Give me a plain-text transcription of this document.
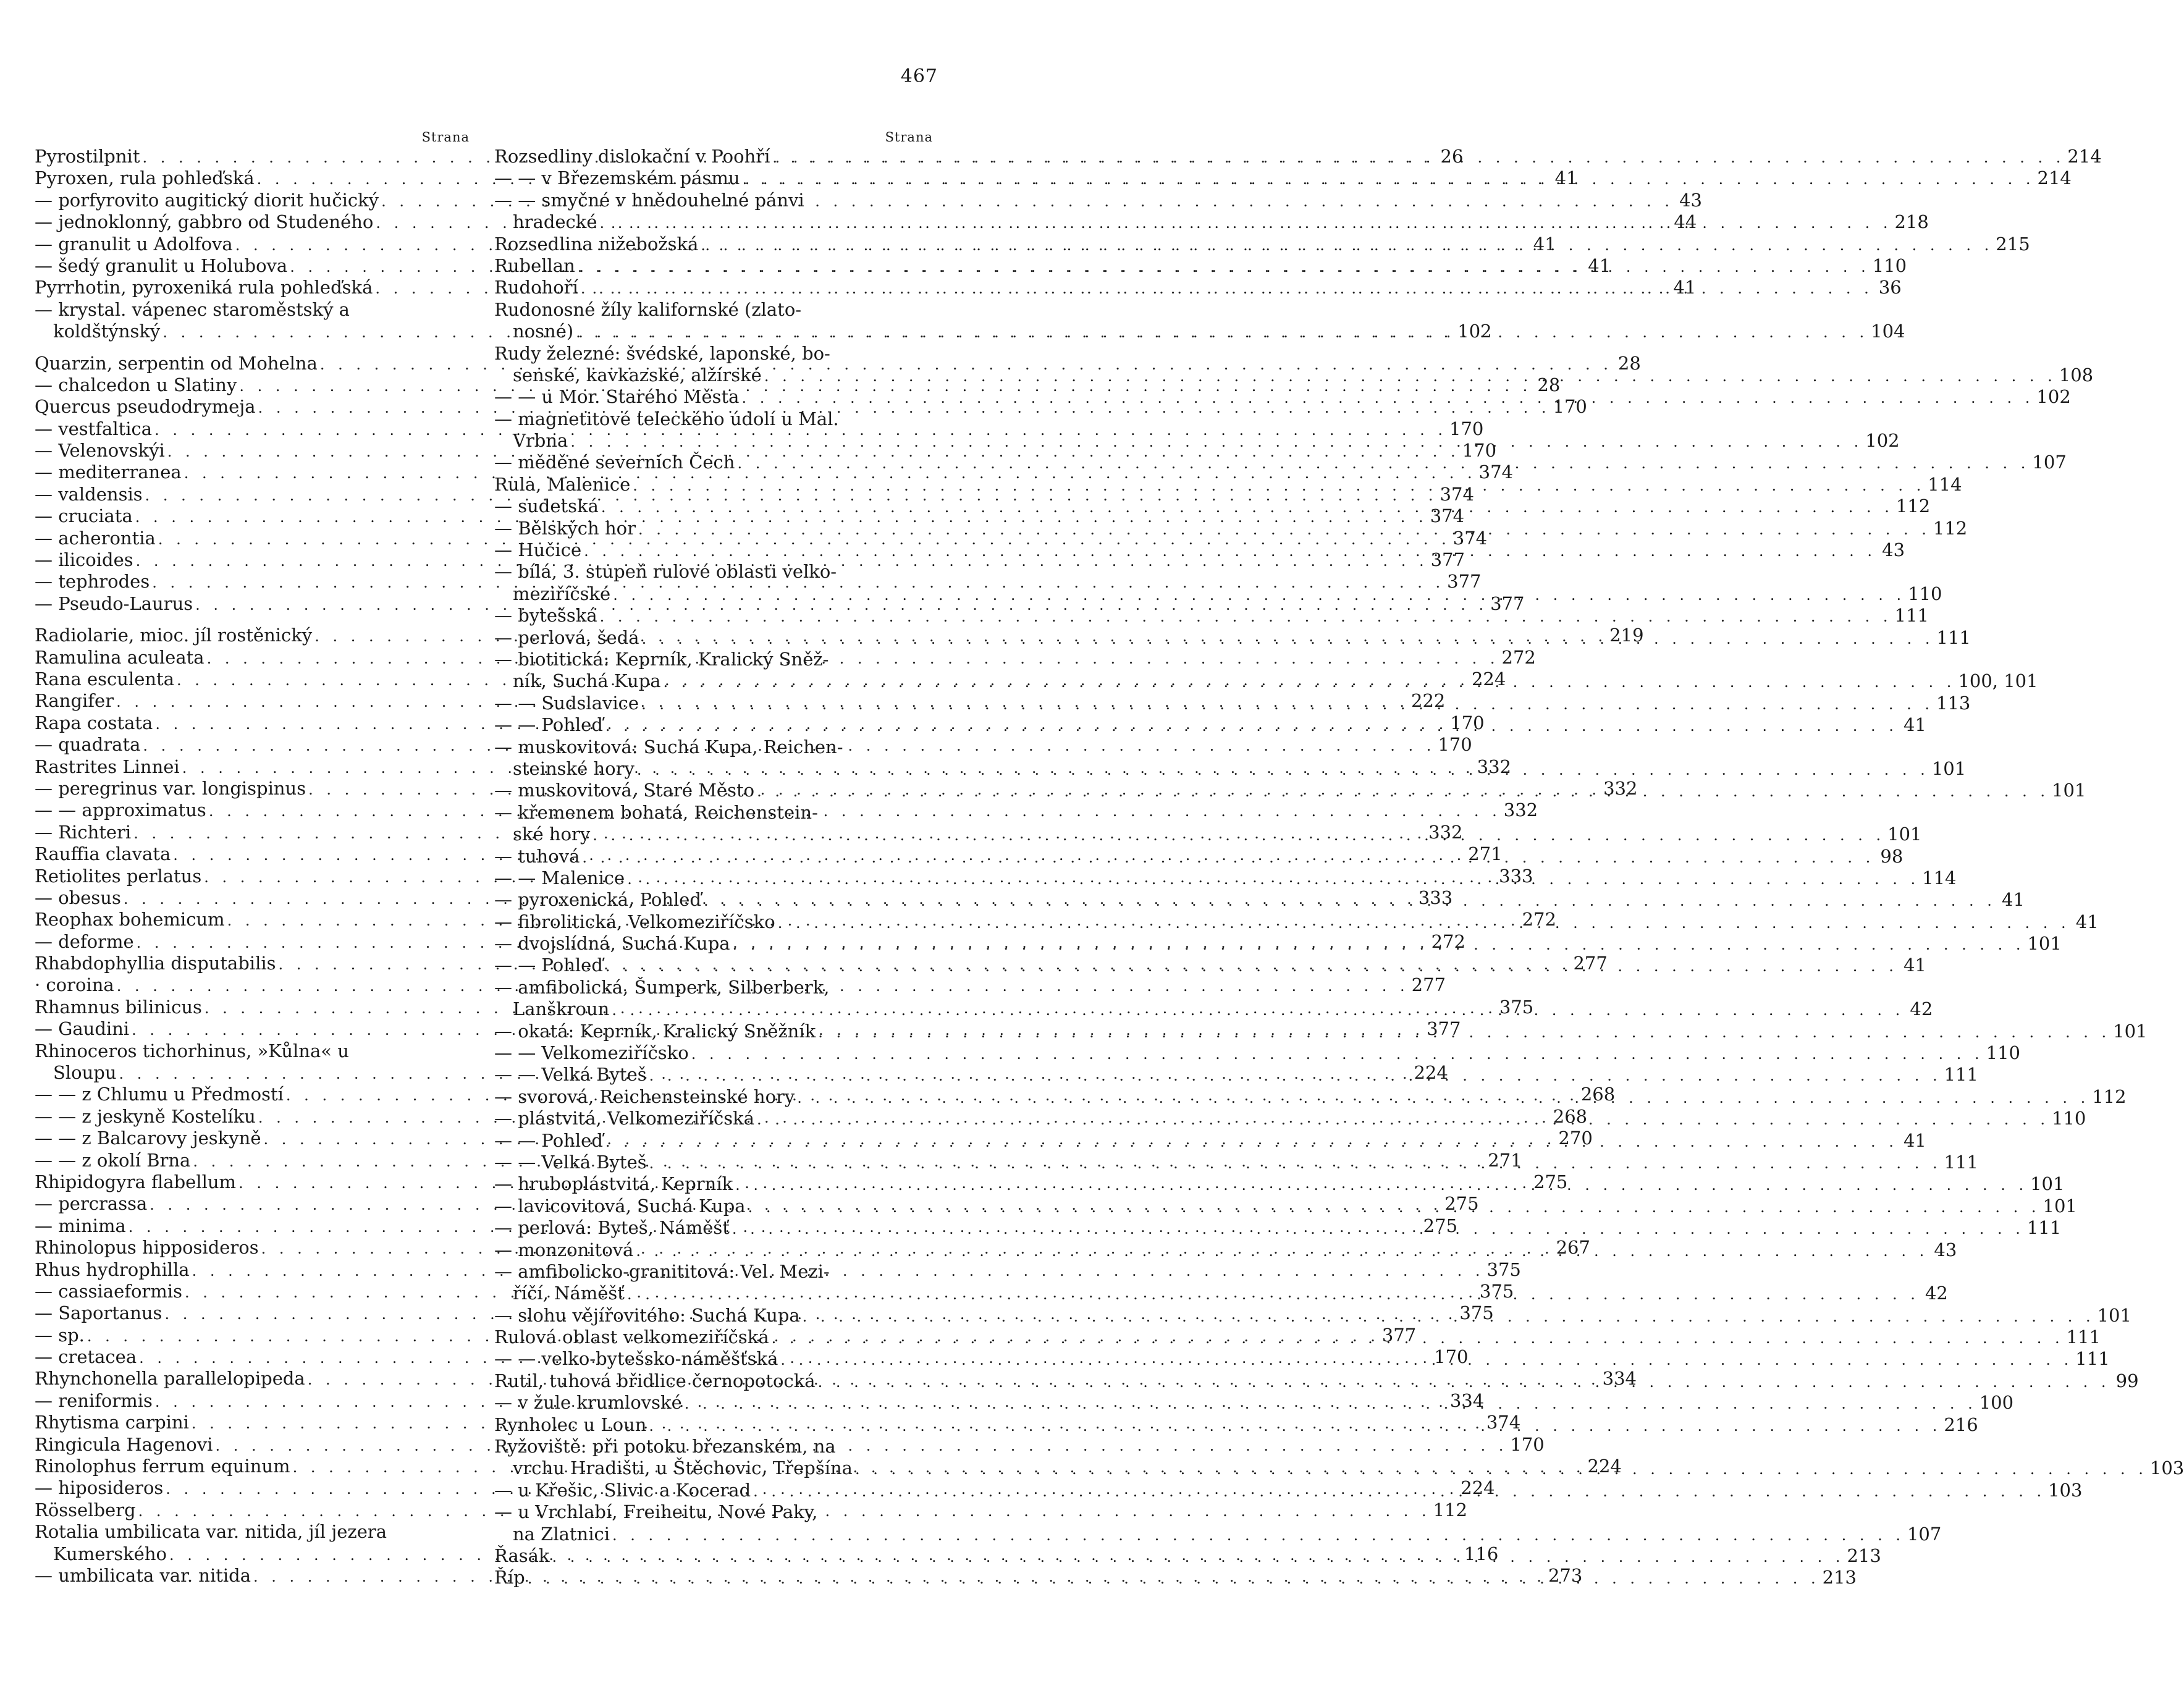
467
Strana
Pyrostilpnit . . .	26
Pyroxen, rula pohleďská . . .	41
— porfyrovito augitický diorit hučický . . .	43
— jednoklonný, gabbro od Studeného . . .	44
— granulit u Adolfova . . .	41
— šedý granulit u Holubova . . .	41
Pyrrhotin, pyroxeniká rula pohleďská . . .	41
— krystal. vápenec staroměstský a
koldštýnský . . .	102
Quarzin, serpentin od Mohelna . . .	28
— chalcedon u Slatiny . . .	28
Quercus pseudodrymeja . . .	170
— vestfaltica . . .	170
— Velenovskýi . . .	170
— mediterranea . . .	374
— valdensis . . .	374
— cruciata . . .	374
— acherontia . . .	374
— ilicoides . . .	377
— tephrodes . . .	377
— Pseudo-Laurus . . .	377
Radiolarie, mioc. jíl rostěnický . . .	219
Ramulina aculeata . . .	272
Rana esculenta . . .	224
Rangifer . . .	222
Rapa costata . . .	170
— quadrata . . .	170
Rastrites Linnei . . .	332
— peregrinus var. longispinus . . .	332
— — approximatus . . .	332
— Richteri . . .	332
Rauffia clavata . . .	271
Retiolites perlatus . . .	333
— obesus . . .	333
Reophax bohemicum . . .	272
— deforme . . .	272
Rhabdophyllia disputabilis . . .	277
· coroina . . .	277
Rhamnus bilinicus . . .	375
— Gaudini . . .	377
Rhinoceros tichorhinus, »Kůlna« u
Sloupu . . .	224
— — z Chlumu u Předmostí . . .	268
— — z jeskyně Kostelíku . . .	268
— — z Balcarovy jeskyně . . .	270
— — z okolí Brna . . .	271
Rhipidogyra flabellum . . .	275
— percrassa . . .	275
— minima . . .	275
Rhinolopus hipposideros . . .	267
Rhus hydrophilla . . .	375
— cassiaeformis . . .	375
— Saportanus . . .	375
— sp. . . .	377
— cretacea . . .	170
Rhynchonella parallelopipeda . . .	334
— reniformis . . .	334
Rhytisma carpini . . .	374
Ringicula Hagenovi . . .	170
Rinolophus ferrum equinum . . .	224
— hiposideros . . .	224
Rösselberg . . .	112
Rotalia umbilicata var. nitida, jíl jezera
Kumerského . . .	116
— umbilicata var. nitida . . .	273
Strana
Rozsedliny dislokační v Poohří . . .	214
— — v Březemském pásmu . . .	214
— — smyčné v hnědouhelné pánvi
hradecké . . .	218
Rozsedlina nižebožská . . .	215
Rubellan . . .	110
Rudohoří . . .	36
Rudonosné žíly kalifornské (zlato-
nosné) . . .	104
Rudy železné: švédské, laponské, bo-
senské, kavkazské, alžírské . . .	108
— — u Mor. Starého Města . . .	102
— magnetitové teleckého údolí u Mal.
Vrbna . . .	102
— měděné severních Čech . . .	107
Rula, Malenice . . .	114
— sudetská . . .	112
— Bělských hor . . .	112
— Hučice . . .	43
— bílá, 3. stupeň rulové oblasti velko-
meziříčské . . .	110
— bytešská . . .	111
— perlová, šedá . . .	111
— biotitická: Keprník, Kralický Sněž-
ník, Suchá Kupa . . .	100, 101
— — Sudslavice . . .	113
— — Pohleď . . .	41
— muskovitová: Suchá Kupa, Reichen-
steinské hory . . .	101
— muskovitová, Staré Město . . .	101
— křemenem bohatá, Reichenstein-
ské hory . . .	101
— tuhová . . .	98
— — Malenice . . .	114
— pyroxenická, Pohleď . . .	41
— fibrolitická, Velkomeziříčsko . . .	41
— dvojslídná, Suchá Kupa . . .	101
— — Pohleď . . .	41
— amfibolická, Šumperk, Silberberk,
Lanškroun . . .	42
— okatá: Keprník, Kralický Sněžník . . .	101
— — Velkomeziříčsko . . .	110
— — Velká Byteš . . .	111
— svorová, Reichensteinské hory . . .	112
— plástvitá, Velkomeziříčská . . .	110
— — Pohleď . . .	41
— — Velká Byteš . . .	111
— hruboplástvitá, Keprník . . .	101
— lavicovitová, Suchá Kupa . . .	101
— perlová: Byteš, Náměšť . . .	111
— monzonitová . . .	43
— amfibolicko-granititová: Vel. Mezi-
říčí, Náměšť . . .	42
— slohu vějířovitého: Suchá Kupa . . .	101
Rulová oblast velkomeziříčská . . .	111
— — velko-bytešsko-náměšťská . . .	111
Rutil, tuhová břidlice černopotocká . . .	99
— v žule krumlovské . . .	100
Rynholec u Loun . . .	216
Ryžoviště: při potoku březanském, na
vrchu Hradišti, u Štěchovic, Třepšína . . .	103
— u Křešic, Slivic a Kocerad . . .	103
— u Vrchlabí, Freiheitu, Nové Paky,
na Zlatnici . . .	107
Řasák . . .	213
Říp . . .	213
